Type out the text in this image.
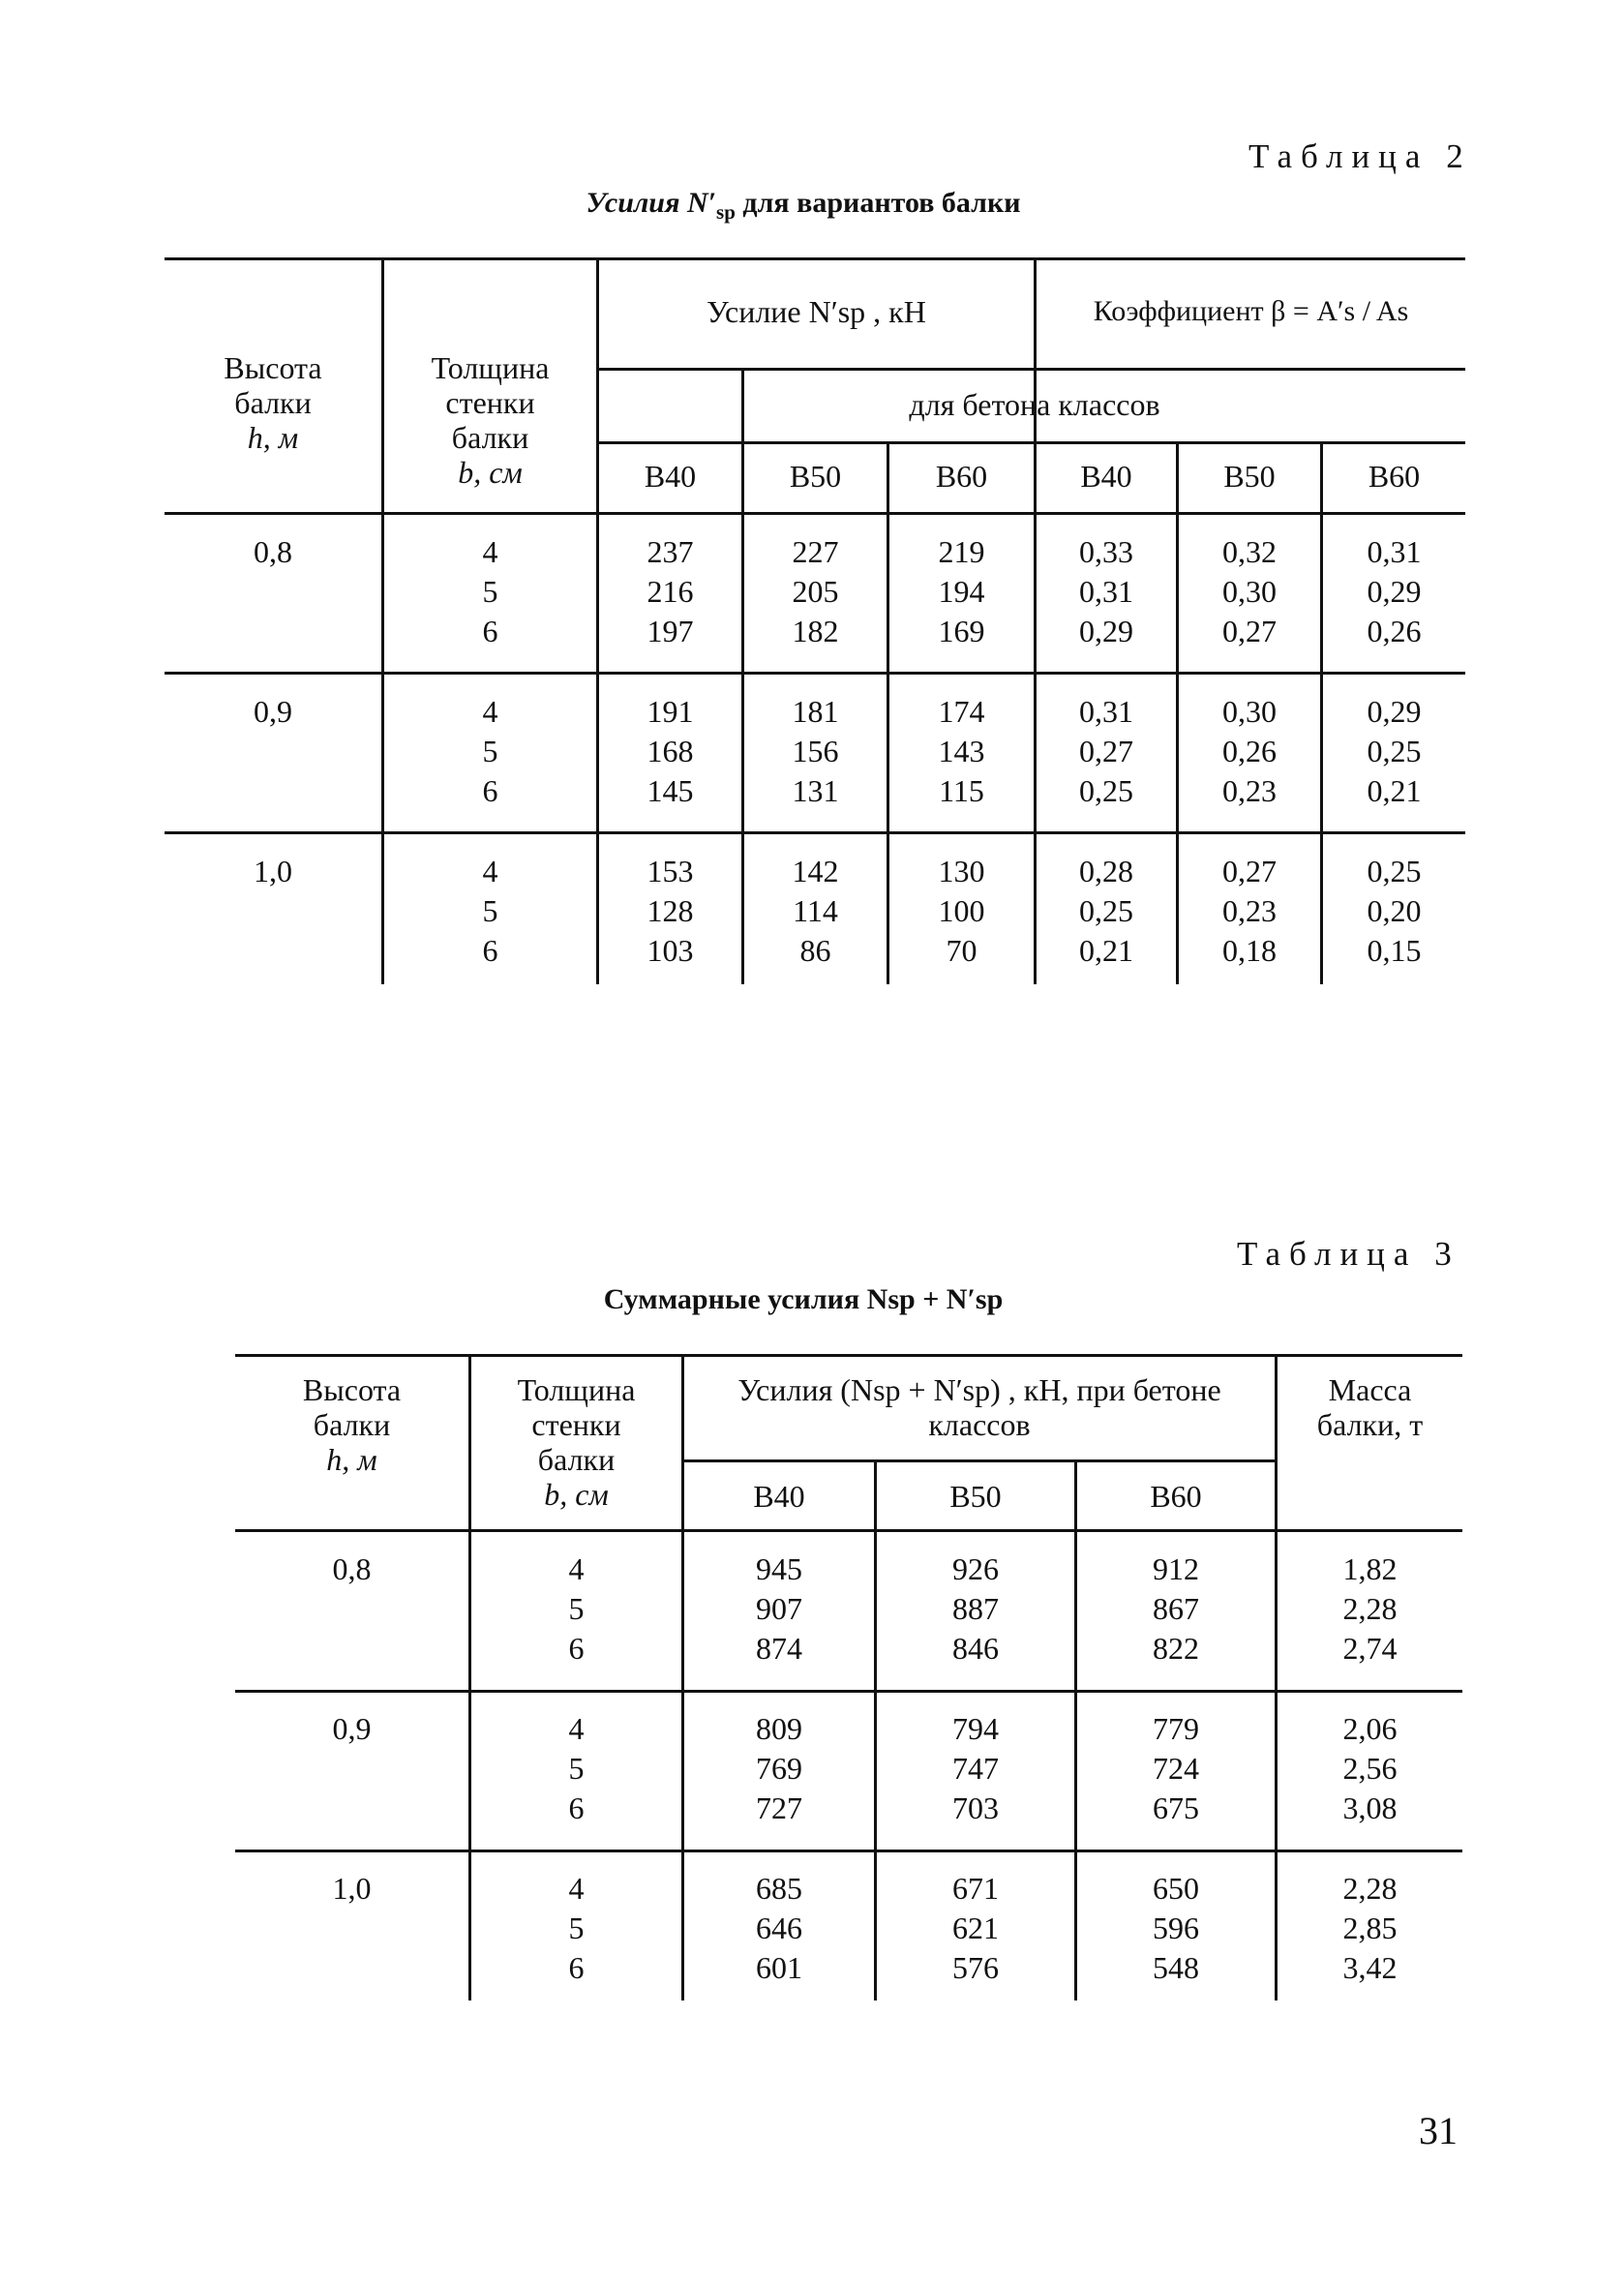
Таблица 2
Усилия $N'_{sp}$ для вариантов балки
Высота
балки
h, м
Толщина
стенки
балки
b, см
Усилие N′sp , кН	Коэффициент β = A′s / As
для бетона классов
B40	B50	B60	B40	B50	B60
0,8	4	237	227	219	0,33	0,32	0,31
5	216	205	194	0,31	0,30	0,29
6	197	182	169	0,29	0,27	0,26
0,9	4	191	181	174	0,31	0,30	0,29
5	168	156	143	0,27	0,26	0,25
6	145	131	115	0,25	0,23	0,21
1,0	4	153	142	130	0,28	0,27	0,25
5	128	114	100	0,25	0,23	0,20
6	103	86	70	0,21	0,18	0,15
Таблица 3
Суммарные усилия Nsp + N′sp
Высота
балки
h, м
Толщина
стенки
балки
b, см
Усилия (Nsp + N′sp) , кН, при бетоне
классов
Масса
балки, т
B40	B50	B60
0,8	4	945	926	912	1,82
5	907	887	867	2,28
6	874	846	822	2,74
0,9	4	809	794	779	2,06
5	769	747	724	2,56
6	727	703	675	3,08
1,0	4	685	671	650	2,28
5	646	621	596	2,85
6	601	576	548	3,42
31
